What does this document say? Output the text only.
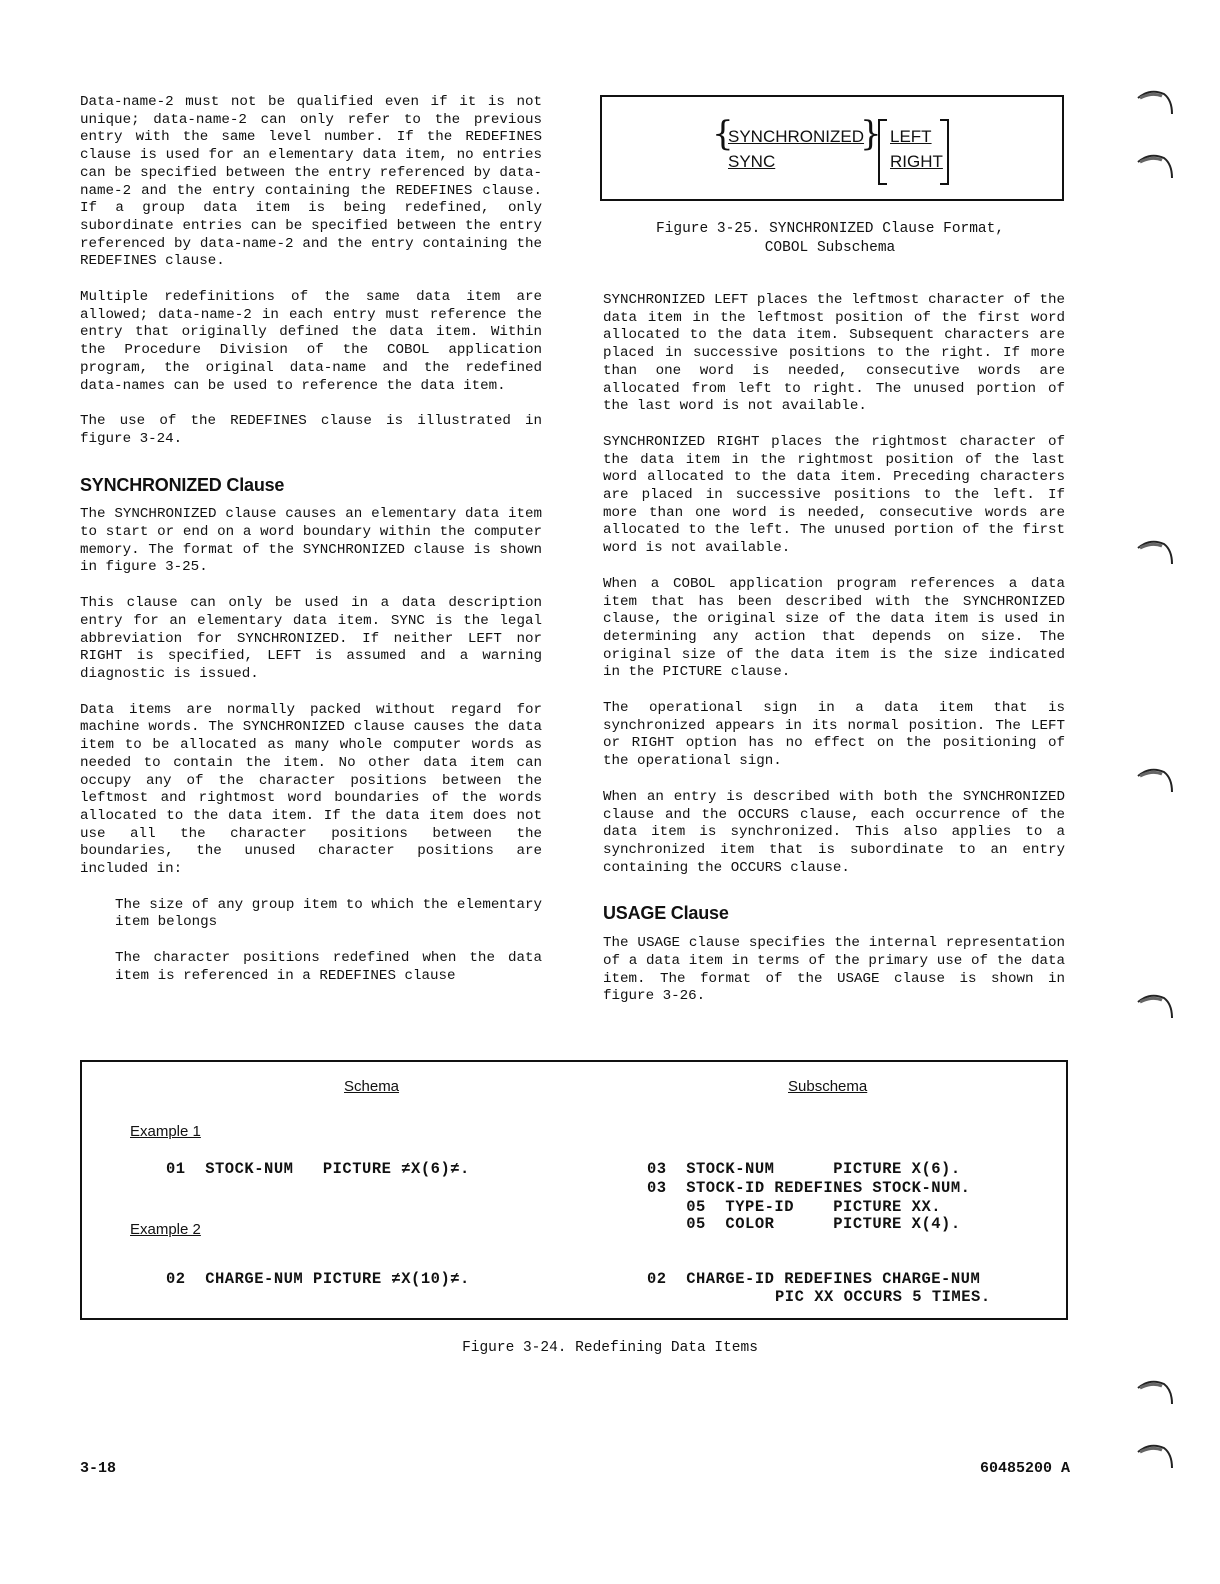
Data-name-2 must not be qualified even if it is not unique; data-name-2 can only refer to the previous entry with the same level number. If the REDEFINES clause is used for an elementary data item, no entries can be specified between the entry referenced by data-name-2 and the entry containing the REDEFINES clause. If a group data item is being redefined, only subordinate entries can be specified between the entry referenced by data-name-2 and the entry containing the REDEFINES clause.

Multiple redefinitions of the same data item are allowed; data-name-2 in each entry must reference the entry that originally defined the data item. Within the Procedure Division of the COBOL application program, the original data-name and the redefined data-names can be used to reference the data item.

The use of the REDEFINES clause is illustrated in figure 3-24.

SYNCHRONIZED Clause

The SYNCHRONIZED clause causes an elementary data item to start or end on a word boundary within the computer memory. The format of the SYNCHRONIZED clause is shown in figure 3-25.

This clause can only be used in a data description entry for an elementary data item. SYNC is the legal abbreviation for SYNCHRONIZED. If neither LEFT nor RIGHT is specified, LEFT is assumed and a warning diagnostic is issued.

Data items are normally packed without regard for machine words. The SYNCHRONIZED clause causes the data item to be allocated as many whole computer words as needed to contain the item. No other data item can occupy any of the character positions between the leftmost and rightmost word boundaries of the words allocated to the data item. If the data item does not use all the character positions between the boundaries, the unused character positions are included in:

The size of any group item to which the elementary item belongs

The character positions redefined when the data item is referenced in a REDEFINES clause

{
SYNCHRONIZED
SYNC
} LEFT
RIGHT
Figure 3-25. SYNCHRONIZED Clause Format,
COBOL Subschema

SYNCHRONIZED LEFT places the leftmost character of the data item in the leftmost position of the first word allocated to the data item. Subsequent characters are placed in successive positions to the right. If more than one word is needed, consecutive words are allocated from left to right. The unused portion of the last word is not available.

SYNCHRONIZED RIGHT places the rightmost character of the data item in the rightmost position of the last word allocated to the data item. Preceding characters are placed in successive positions to the left. If more than one word is needed, consecutive words are allocated to the left. The unused portion of the first word is not available.

When a COBOL application program references a data item that has been described with the SYNCHRONIZED clause, the original size of the data item is used in determining any action that depends on size. The original size of the data item is the size indicated in the PICTURE clause.

The operational sign in a data item that is synchronized appears in its normal position. The LEFT or RIGHT option has no effect on the positioning of the operational sign.

When an entry is described with both the SYNCHRONIZED clause and the OCCURS clause, each occurrence of the data item is synchronized. This also applies to a synchronized item that is subordinate to an entry containing the OCCURS clause.

USAGE Clause

The USAGE clause specifies the internal representation of a data item in terms of the primary use of the data item. The format of the USAGE clause is shown in figure 3-26.

Schema	Subschema
Example 1
Example 2
01  STOCK-NUM   PICTURE ≠X(6)≠.
02  CHARGE-NUM PICTURE ≠X(10)≠.
03  STOCK-NUM      PICTURE X(6).
03  STOCK-ID REDEFINES STOCK-NUM.
05  TYPE-ID    PICTURE XX.
05  COLOR      PICTURE X(4).
02  CHARGE-ID REDEFINES CHARGE-NUM
PIC XX OCCURS 5 TIMES.
Figure 3-24. Redefining Data Items
3-18	60485200 A
